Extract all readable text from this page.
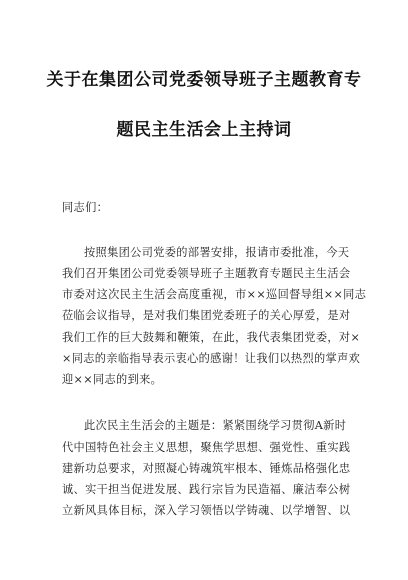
关于在集团公司党委领导班子主题教育专
题民主生活会上主持词
同志们：
按照集团公司党委的部署安排，报请市委批准，今天
我们召开集团公司党委领导班子主题教育专题民主生活会
市委对这次民主生活会高度重视，市××巡回督导组××同志
莅临会议指导，是对我们集团党委班子的关心厚爱，是对
我们工作的巨大鼓舞和鞭策，在此，我代表集团党委，对×
×同志的亲临指导表示衷心的感谢！让我们以热烈的掌声欢
迎××同志的到来。
此次民主生活会的主题是：紧紧围绕学习贯彻A新时
代中国特色社会主义思想，聚焦学思想、强党性、重实践
建新功总要求，对照凝心铸魂筑牢根本、锤炼品格强化忠
诚、实干担当促进发展、践行宗旨为民造福、廉洁奉公树
立新风具体目标，深入学习领悟以学铸魂、以学增智、以
